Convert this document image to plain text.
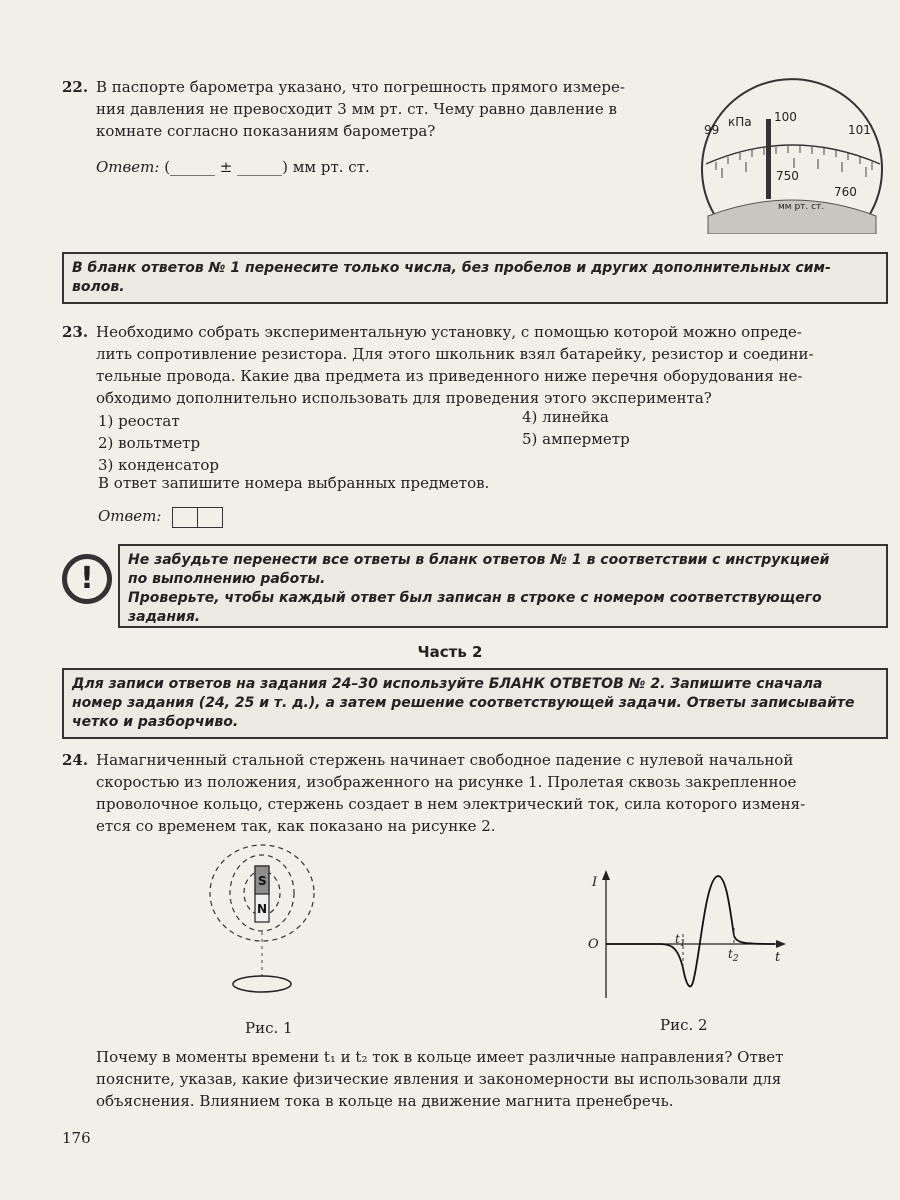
22. В паспорте барометра указано, что погрешность прямого измере-
ния давления не превосходит 3 мм рт. ст. Чему равно давление в
комнате согласно показаниям барометра?
Ответ: (______ ± ______) мм рт. ст.
99
кПа 100
101
750
760
мм рт. ст.
В бланк ответов № 1 перенесите только числа, без пробелов и других дополнительных сим-
волов.
23. Необходимо собрать экспериментальную установку, с помощью которой можно опреде-
лить сопротивление резистора. Для этого школьник взял батарейку, резистор и соедини-
тельные провода. Какие два предмета из приведенного ниже перечня оборудования не-
обходимо дополнительно использовать для проведения этого эксперимента?
1) реостат
2) вольтметр
3) конденсатор
4) линейка
5) амперметр
В ответ запишите номера выбранных предметов.
Ответ:
!
Не забудьте перенести все ответы в бланк ответов № 1 в соответствии с инструкцией
по выполнению работы.
Проверьте, чтобы каждый ответ был записан в строке с номером соответствующего
задания.
Часть 2
Для записи ответов на задания 24–30 используйте БЛАНК ОТВЕТОВ № 2. Запишите сначала
номер задания (24, 25 и т. д.), а затем решение соответствующей задачи. Ответы записывайте
четко и разборчиво.
24. Намагниченный стальной стержень начинает свободное падение с нулевой начальной
скоростью из положения, изображенного на рисунке 1. Пролетая сквозь закрепленное
проволочное кольцо, стержень создает в нем электрический ток, сила которого изменя-
ется со временем так, как показано на рисунке 2.
S
N
Рис. 1
I
t
O	$t_1$
$t_2$
Рис. 2
Почему в моменты времени t₁ и t₂ ток в кольце имеет различные направления? Ответ
поясните, указав, какие физические явления и закономерности вы использовали для
объяснения. Влиянием тока в кольце на движение магнита пренебречь.
176
